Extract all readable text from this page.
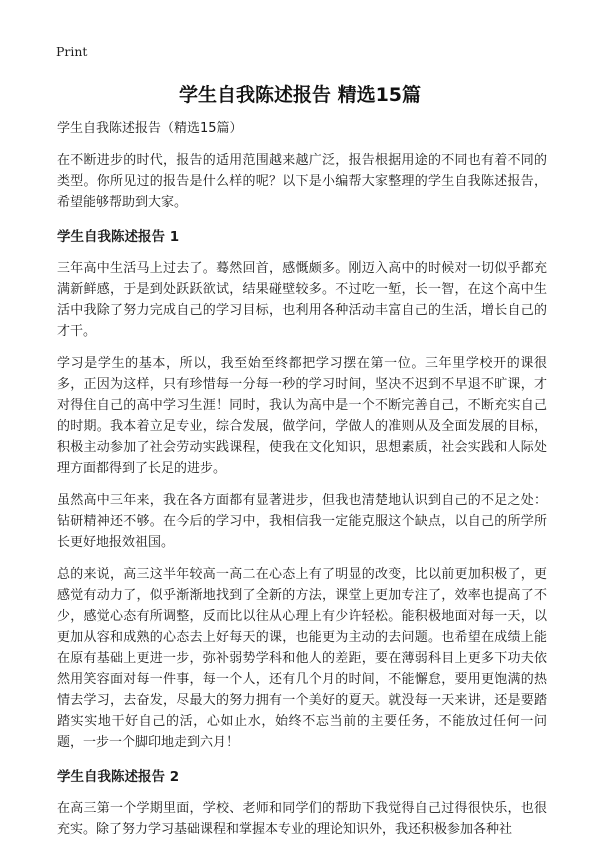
Print
学生自我陈述报告 精选15篇

学生自我陈述报告（精选15篇）

在不断进步的时代，报告的适用范围越来越广泛，报告根据用途的不同也有着不同的类型。你所见过的报告是什么样的呢？以下是小编帮大家整理的学生自我陈述报告，希望能够帮助到大家。

学生自我陈述报告 1

三年高中生活马上过去了。蓦然回首，感慨颇多。刚迈入高中的时候对一切似乎都充满新鲜感，于是到处跃跃欲试，结果碰壁较多。不过吃一堑，长一智，在这个高中生活中我除了努力完成自己的学习目标，也利用各种活动丰富自己的生活，增长自己的才干。

学习是学生的基本，所以，我至始至终都把学习摆在第一位。三年里学校开的课很多，正因为这样，只有珍惜每一分每一秒的学习时间，坚决不迟到不早退不旷课，才对得住自己的高中学习生涯！同时，我认为高中是一个不断完善自己，不断充实自己的时期。我本着立足专业，综合发展，做学问，学做人的准则从及全面发展的目标，积极主动参加了社会劳动实践课程，使我在文化知识，思想素质，社会实践和人际处理方面都得到了长足的进步。

虽然高中三年来，我在各方面都有显著进步，但我也清楚地认识到自己的不足之处：钻研精神还不够。在今后的学习中，我相信我一定能克服这个缺点，以自己的所学所长更好地报效祖国。

总的来说，高三这半年较高一高二在心态上有了明显的改变，比以前更加积极了，更感觉有动力了，似乎渐渐地找到了全新的方法，课堂上更加专注了，效率也提高了不少，感觉心态有所调整，反而比以往从心理上有少许轻松。能积极地面对每一天，以更加从容和成熟的心态去上好每天的课，也能更为主动的去问题。也希望在成绩上能在原有基础上更进一步，弥补弱势学科和他人的差距，要在薄弱科目上更多下功夫依然用笑容面对每一件事，每一个人，还有几个月的时间，不能懈怠，要用更饱满的热情去学习，去奋发，尽最大的努力拥有一个美好的夏天。就没每一天来讲，还是要踏踏实实地干好自己的活，心如止水，始终不忘当前的主要任务，不能放过任何一问题，一步一个脚印地走到六月！

学生自我陈述报告 2

在高三第一个学期里面，学校、老师和同学们的帮助下我觉得自己过得很快乐，也很充实。除了努力学习基础课程和掌握本专业的理论知识外，我还积极参加各种社
